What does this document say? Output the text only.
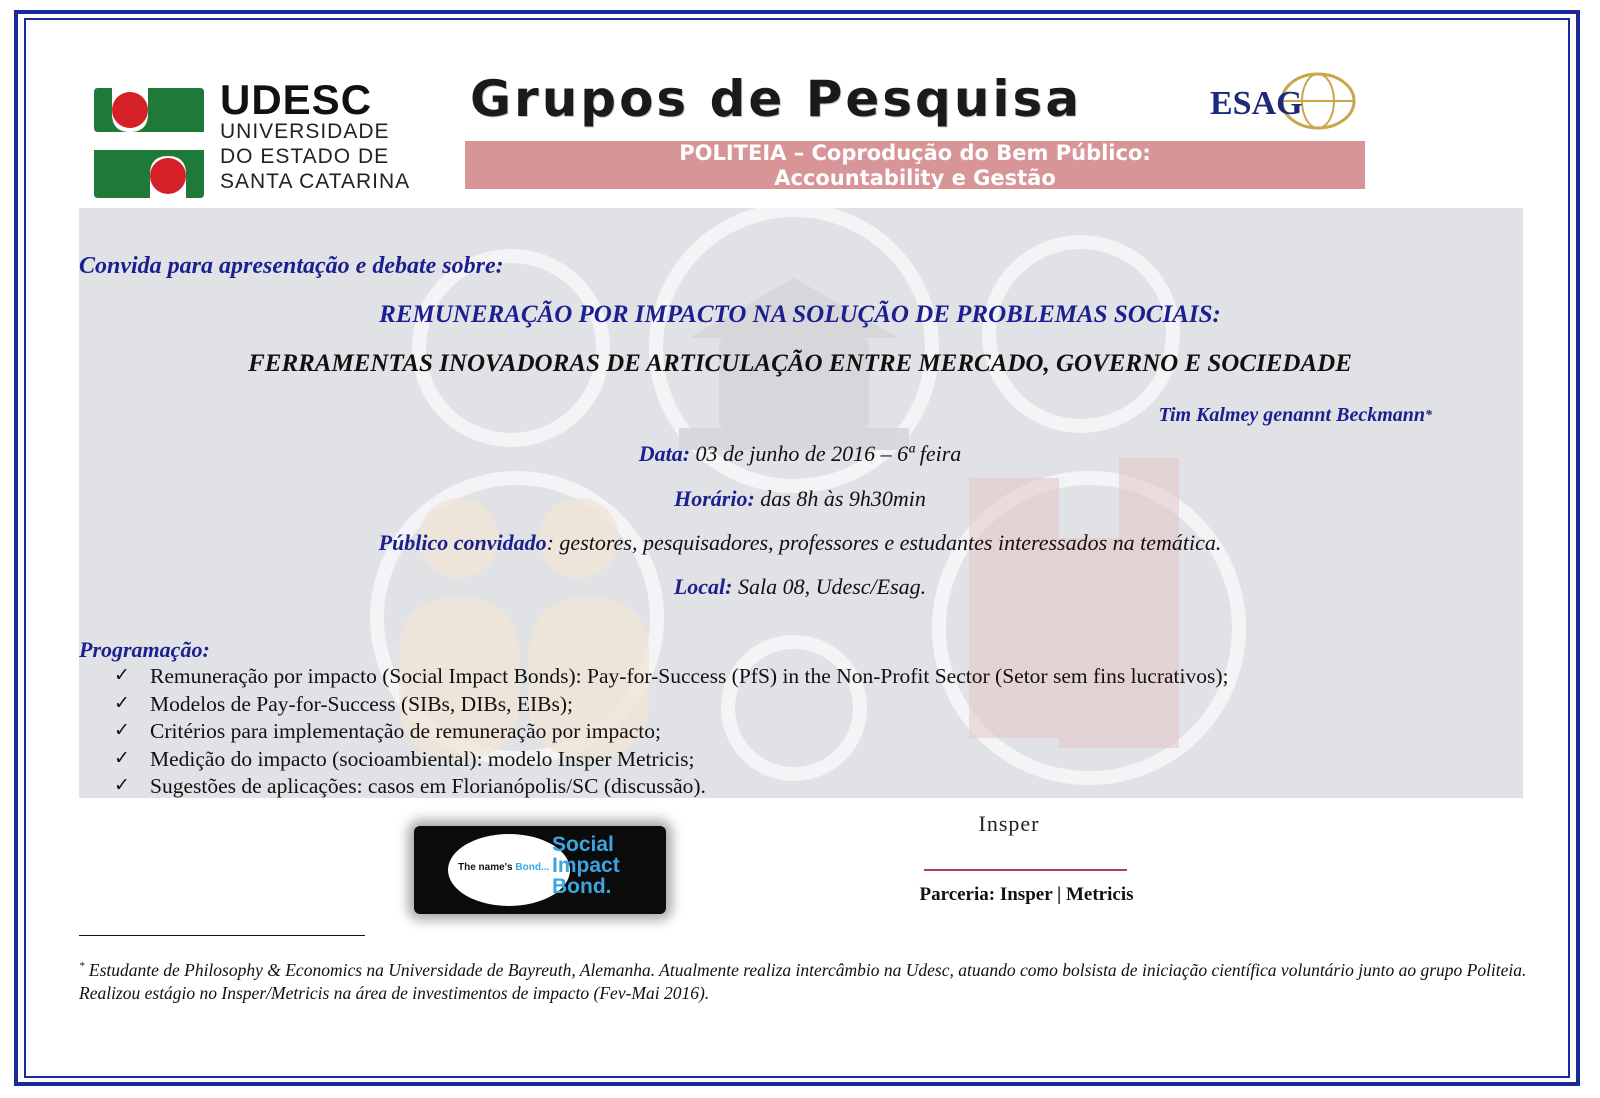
UDESC
UNIVERSIDADE
DO ESTADO DE
SANTA CATARINA
Grupos de Pesquisa	ESAG
POLITEIA – Coprodução do Bem Público:
Accountability e Gestão
Convida para apresentação e debate sobre:
REMUNERAÇÃO POR IMPACTO NA SOLUÇÃO DE PROBLEMAS SOCIAIS:
FERRAMENTAS INOVADORAS DE ARTICULAÇÃO ENTRE MERCADO, GOVERNO E SOCIEDADE
Tim Kalmey genannt Beckmann*
Data: 03 de junho de 2016 – 6ª feira
Horário: das 8h às 9h30min
Público convidado: gestores, pesquisadores, professores e estudantes interessados na temática.
Local: Sala 08, Udesc/Esag.
Programação:
✓ Remuneração por impacto (Social Impact Bonds): Pay-for-Success (PfS) in the Non-Profit Sector (Setor sem fins lucrativos);
✓ Modelos de Pay-for-Success (SIBs, DIBs, EIBs);
✓ Critérios para implementação de remuneração por impacto;
✓ Medição do impacto (socioambiental): modelo Insper Metricis;
✓ Sugestões de aplicações: casos em Florianópolis/SC (discussão).
The name's Bond...
Social
Impact
Bond.
Insper
Parceria: Insper | Metricis
* Estudante de Philosophy & Economics na Universidade de Bayreuth, Alemanha. Atualmente realiza intercâmbio na Udesc, atuando como bolsista de iniciação científica voluntário junto ao grupo Politeia. Realizou estágio no Insper/Metricis na área de investimentos de impacto (Fev-Mai 2016).
